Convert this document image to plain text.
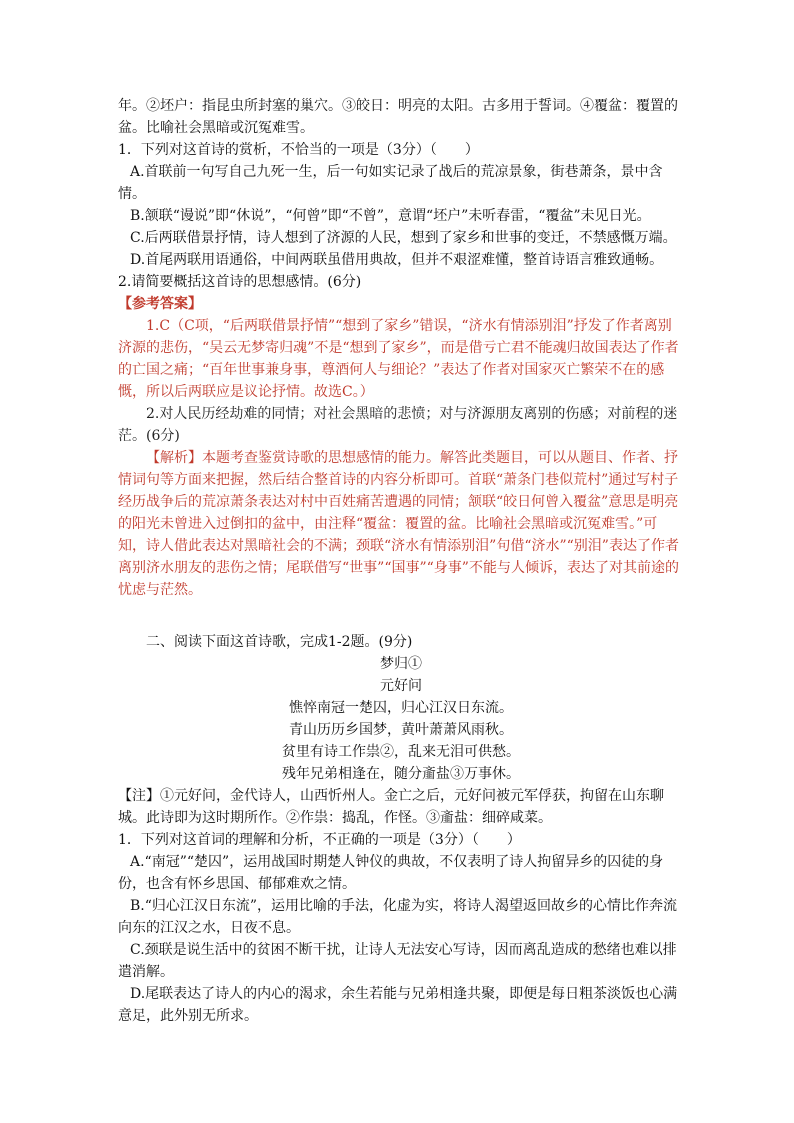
年。②坯户：指昆虫所封塞的巢穴。③皎日：明亮的太阳。古多用于誓词。④覆盆：覆置的盆。比喻社会黑暗或沉冤难雪。

1．下列对这首诗的赏析，不恰当的一项是（3分）（　　）

A.首联前一句写自己九死一生，后一句如实记录了战后的荒凉景象，街巷萧条，景中含情。

B.颔联“谩说”即“休说”，“何曾”即“不曾”，意谓“坯户”未听春雷，“覆盆”未见日光。

C.后两联借景抒情，诗人想到了济源的人民，想到了家乡和世事的变迁，不禁感慨万端。

D.首尾两联用语通俗，中间两联虽借用典故，但并不艰涩难懂，整首诗语言雅致通畅。

2.请简要概括这首诗的思想感情。(6分)

【参考答案】

1.C（C项，“后两联借景抒情”“想到了家乡”错误，“济水有情添别泪”抒发了作者离别济源的悲伤，“吴云无梦寄归魂”不是“想到了家乡”，而是借亏亡君不能魂归故国表达了作者的亡国之痛；“百年世事兼身事，尊酒何人与细论？”表达了作者对国家灭亡繁荣不在的感慨，所以后两联应是议论抒情。故选C。）

2.对人民历经劫难的同情；对社会黑暗的悲愤；对与济源朋友离别的伤感；对前程的迷茫。(6分)

【解析】本题考查鉴赏诗歌的思想感情的能力。解答此类题目，可以从题目、作者、抒情词句等方面来把握，然后结合整首诗的内容分析即可。首联“萧条门巷似荒村”通过写村子经历战争后的荒凉萧条表达对村中百姓痛苦遭遇的同情；颔联“皎日何曾入覆盆”意思是明亮的阳光未曾进入过倒扣的盆中，由注释“覆盆：覆置的盆。比喻社会黑暗或沉冤难雪。”可知，诗人借此表达对黑暗社会的不满；颈联“济水有情添别泪”句借“济水”“别泪”表达了作者离别济水朋友的悲伤之情；尾联借写“世事”“国事”“身事”不能与人倾诉，表达了对其前途的忧虑与茫然。

二、阅读下面这首诗歌，完成1-2题。(9分)

梦归①

元好问

憔悴南冠一楚囚，归心江汉日东流。

青山历历乡国梦，黄叶萧萧风雨秋。

贫里有诗工作祟②，乱来无泪可供愁。

残年兄弟相逢在，随分齑盐③万事休。

【注】①元好问，金代诗人，山西忻州人。金亡之后，元好问被元军俘获，拘留在山东聊城。此诗即为这时期所作。②作祟：捣乱，作怪。③齑盐：细碎咸菜。

1．下列对这首词的理解和分析，不正确的一项是（3分）（　　）

A.“南冠”“楚囚”，运用战国时期楚人钟仪的典故，不仅表明了诗人拘留异乡的囚徒的身份，也含有怀乡思国、郁郁难欢之情。

B.“归心江汉日东流”，运用比喻的手法，化虚为实，将诗人渴望返回故乡的心情比作奔流向东的江汉之水，日夜不息。

C.颈联是说生活中的贫困不断干扰，让诗人无法安心写诗，因而离乱造成的愁绪也难以排遣消解。

D.尾联表达了诗人的内心的渴求，余生若能与兄弟相逢共聚，即便是每日粗茶淡饭也心满意足，此外别无所求。
